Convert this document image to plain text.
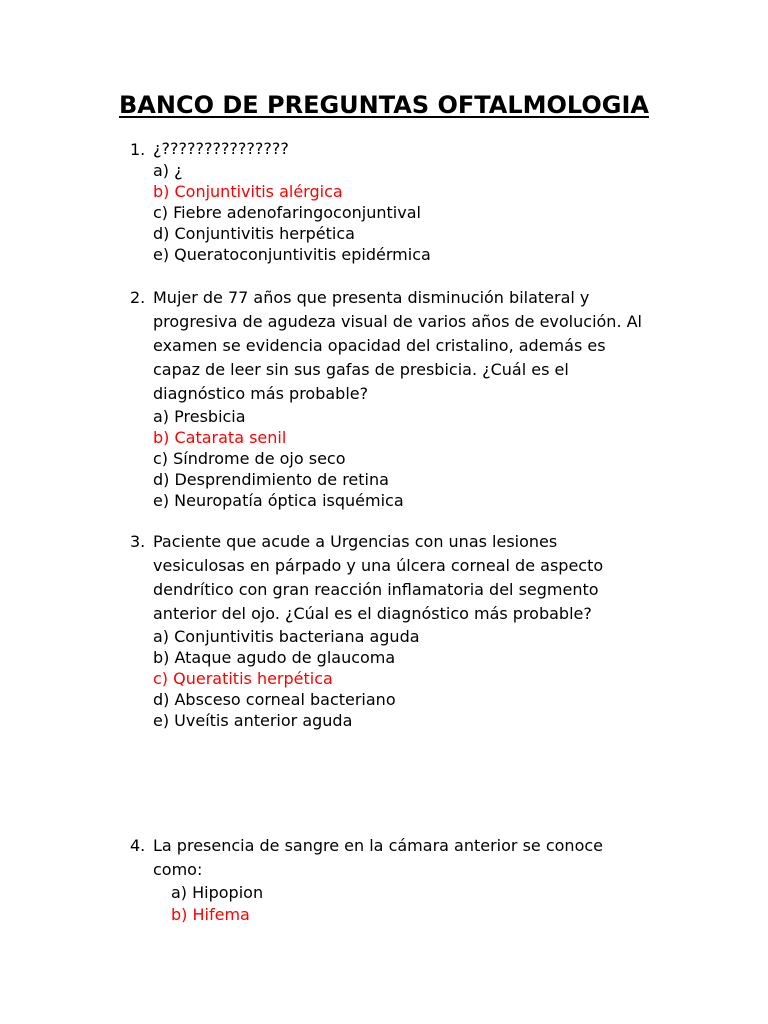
BANCO DE PREGUNTAS OFTALMOLOGIA
1. ¿???????????????
a) ¿
b) Conjuntivitis alérgica
c) Fiebre adenofaringoconjuntival
d) Conjuntivitis herpética
e) Queratoconjuntivitis epidérmica
2. Mujer de 77 años que presenta disminución bilateral y progresiva de agudeza visual de varios años de evolución. Al examen se evidencia opacidad del cristalino, además es capaz de leer sin sus gafas de presbicia. ¿Cuál es el diagnóstico más probable?
a) Presbicia
b) Catarata senil
c) Síndrome de ojo seco
d) Desprendimiento de retina
e) Neuropatía óptica isquémica
3. Paciente que acude a Urgencias con unas lesiones vesiculosas en párpado y una úlcera corneal de aspecto dendrítico con gran reacción inflamatoria del segmento anterior del ojo. ¿Cúal es el diagnóstico más probable?
a) Conjuntivitis bacteriana aguda
b) Ataque agudo de glaucoma
c) Queratitis herpética
d) Absceso corneal bacteriano
e) Uveítis anterior aguda
4. La presencia de sangre en la cámara anterior se conoce como:
a) Hipopion
b) Hifema
